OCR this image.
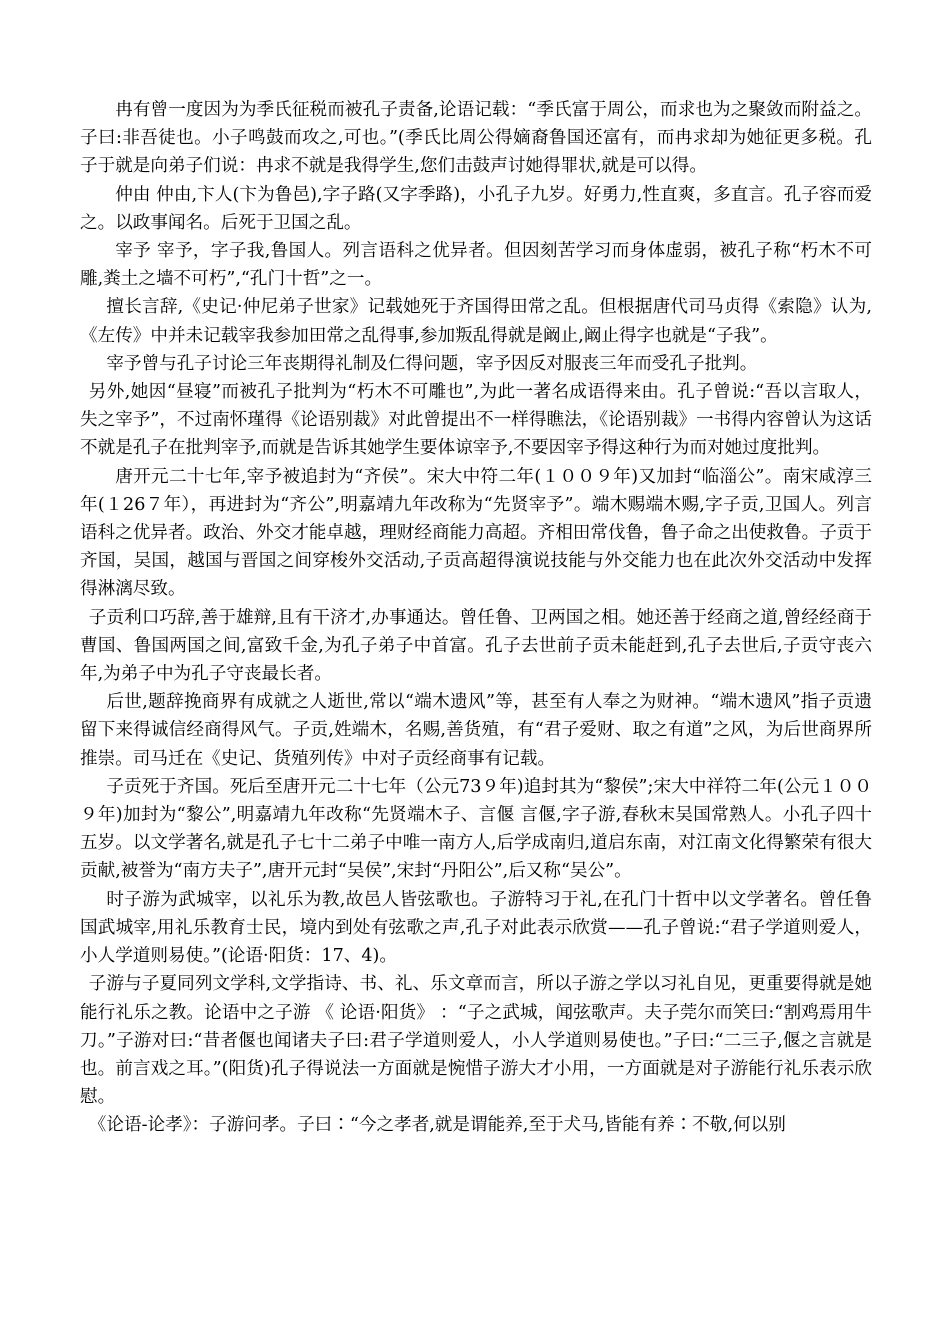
冉有曾一度因为为季氏征税而被孔子责备,论语记载：“季氏富于周公，而求也为之聚敛而附益之。子曰:非吾徒也。小子鸣鼓而攻之,可也。”(季氏比周公得嫡裔鲁国还富有，而冉求却为她征更多税。孔子于就是向弟子们说：冉求不就是我得学生,您们击鼓声讨她得罪状,就是可以得。

仲由 仲由,卞人(卞为鲁邑),字子路(又字季路)，小孔子九岁。好勇力,性直爽，多直言。孔子容而爱之。以政事闻名。后死于卫国之乱。

宰予 宰予，字子我,鲁国人。列言语科之优异者。但因刻苦学习而身体虚弱，被孔子称“朽木不可雕,粪土之墙不可朽”,“孔门十哲”之一。

擅长言辞,《史记·仲尼弟子世家》记载她死于齐国得田常之乱。但根据唐代司马贞得《索隐》认为,《左传》中并未记载宰我参加田常之乱得事,参加叛乱得就是阚止,阚止得字也就是“子我”。

宰予曾与孔子讨论三年丧期得礼制及仁得问题，宰予因反对服丧三年而受孔子批判。

另外,她因“昼寝”而被孔子批判为“朽木不可雕也”,为此一著名成语得来由。孔子曾说:“吾以言取人，失之宰予”，不过南怀瑾得《论语别裁》对此曾提出不一样得瞧法，《论语别裁》一书得内容曾认为这话不就是孔子在批判宰予,而就是告诉其她学生要体谅宰予,不要因宰予得这种行为而对她过度批判。

唐开元二十七年,宰予被追封为“齐侯”。宋大中符二年(１００９年)又加封“临淄公”。南宋咸淳三年(１26７年），再进封为“齐公”,明嘉靖九年改称为“先贤宰予”。端木赐端木赐,字子贡,卫国人。列言语科之优异者。政治、外交才能卓越，理财经商能力高超。齐相田常伐鲁，鲁子命之出使救鲁。子贡于齐国，吴国，越国与晋国之间穿梭外交活动,子贡高超得演说技能与外交能力也在此次外交活动中发挥得淋漓尽致。

子贡利口巧辞,善于雄辩,且有干济才,办事通达。曾任鲁、卫两国之相。她还善于经商之道,曾经经商于曹国、鲁国两国之间,富致千金,为孔子弟子中首富。孔子去世前子贡未能赶到,孔子去世后,子贡守丧六年,为弟子中为孔子守丧最长者。

后世,题辞挽商界有成就之人逝世,常以“端木遗风”等，甚至有人奉之为财神。“端木遗风”指子贡遗留下来得诚信经商得风气。子贡,姓端木，名赐,善货殖，有“君子爱财、取之有道”之风，为后世商界所推崇。司马迁在《史记、货殖列传》中对子贡经商事有记载。

子贡死于齐国。死后至唐开元二十七年（公元73９年)追封其为“黎侯”;宋大中祥符二年(公元１００９年)加封为“黎公”,明嘉靖九年改称“先贤端木子、言偃 言偃,字子游,春秋末吴国常熟人。小孔子四十五岁。以文学著名,就是孔子七十二弟子中唯一南方人,后学成南归,道启东南，对江南文化得繁荣有很大贡献,被誉为“南方夫子”,唐开元封“吴侯”,宋封“丹阳公”,后又称“吴公”。

时子游为武城宰，以礼乐为教,故邑人皆弦歌也。子游特习于礼,在孔门十哲中以文学著名。曾任鲁国武城宰,用礼乐教育士民，境内到处有弦歌之声,孔子对此表示欣赏——孔子曾说:“君子学道则爱人，小人学道则易使。”(论语·阳货：17、4)。

子游与子夏同列文学科,文学指诗、书、礼、乐文章而言，所以子游之学以习礼自见，更重要得就是她能行礼乐之教。论语中之子游 《 论语·阳货》 ：“子之武城，闻弦歌声。夫子莞尔而笑曰:“割鸡焉用牛刀。”子游对曰:“昔者偃也闻诸夫子曰:君子学道则爱人，小人学道则易使也。”子曰:“二三子,偃之言就是也。前言戏之耳。”(阳货)孔子得说法一方面就是惋惜子游大才小用，一方面就是对子游能行礼乐表示欣慰。

《论语-论孝》：子游问孝。子曰∶“今之孝者,就是谓能养,至于犬马,皆能有养∶不敬,何以别
